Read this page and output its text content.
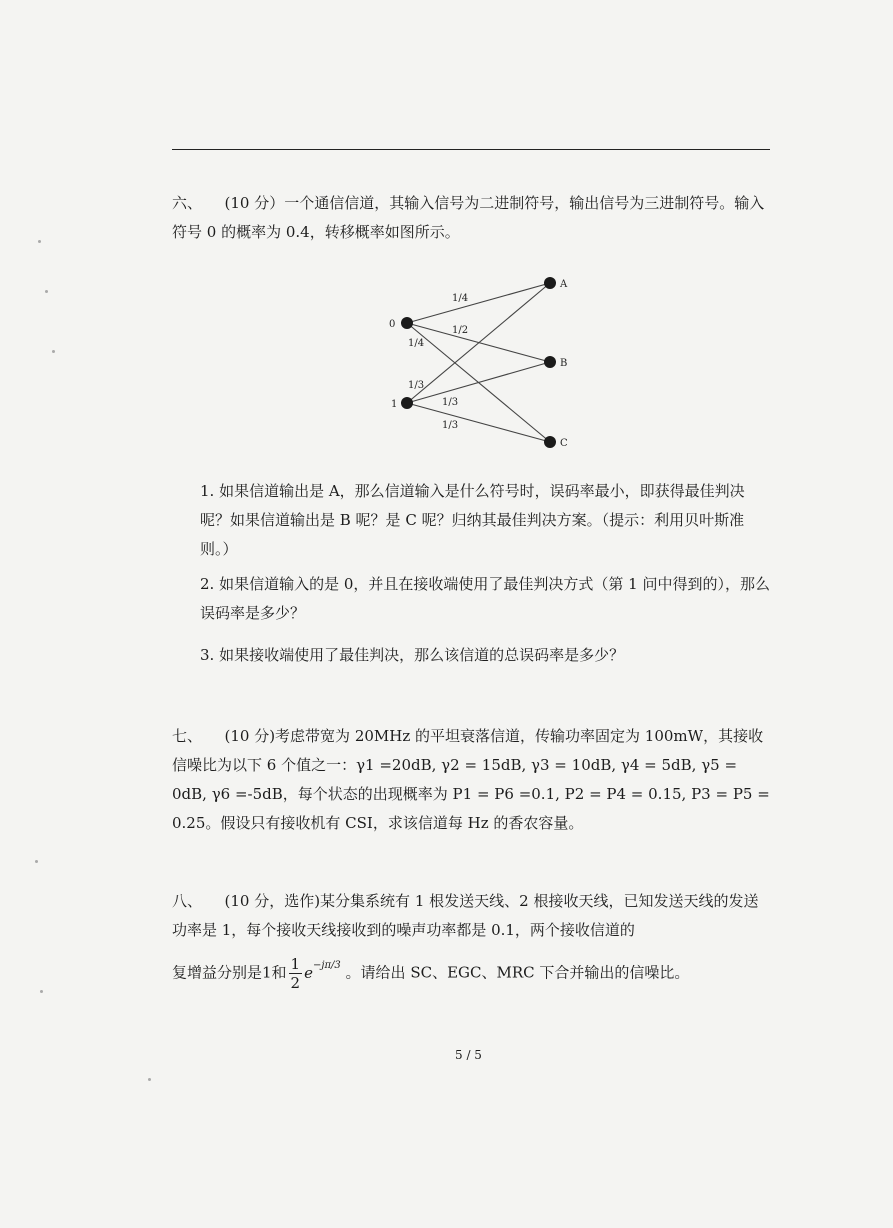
六、　　(10 分）一个通信信道，其输入信号为二进制符号，输出信号为三进制符号。输入符号 0 的概率为 0.4，转移概率如图所示。

0
1
A
B
C
1/4
1/2
1/4
1/3
1/3
1/3

1. 如果信道输出是 A，那么信道输入是什么符号时，误码率最小，即获得最佳判决呢？如果信道输出是 B 呢？是 C 呢？归纳其最佳判决方案。（提示：利用贝叶斯准则。）

2. 如果信道输入的是 0，并且在接收端使用了最佳判决方式（第 1 问中得到的），那么误码率是多少？

3. 如果接收端使用了最佳判决，那么该信道的总误码率是多少？

七、　　(10 分)考虑带宽为 20MHz 的平坦衰落信道，传输功率固定为 100mW，其接收信噪比为以下 6 个值之一：γ1 =20dB, γ2 = 15dB, γ3 = 10dB, γ4 = 5dB, γ5 = 0dB, γ6 =-5dB，每个状态的出现概率为 P1 = P6 =0.1, P2 = P4 = 0.15, P3 = P5 = 0.25。假设只有接收机有 CSI，求该信道每 Hz 的香农容量。

八、　　(10 分，选作)某分集系统有 1 根发送天线、2 根接收天线，已知发送天线的发送功率是 1，每个接收天线接收到的噪声功率都是 0.1，两个接收信道的

复增益分别是1和 $\frac{1}{2} e^{-j\pi/3}$ 。请给出 SC、EGC、MRC 下合并输出的信噪比。

5 / 5
